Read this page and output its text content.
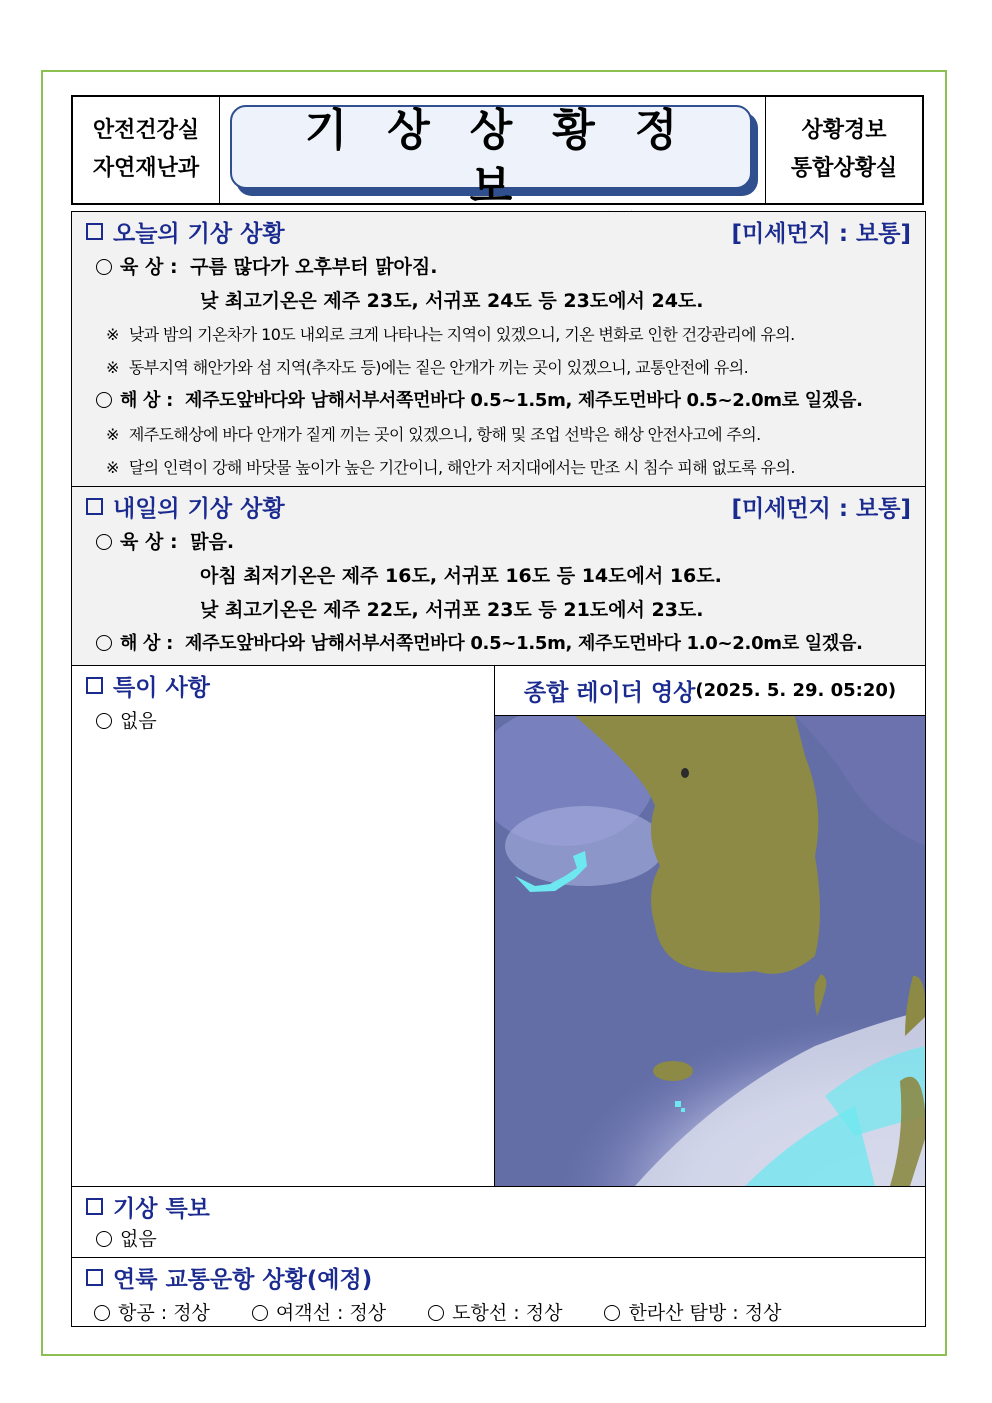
안전건강실
자연재난과
기상상황정보
상황경보
통합상황실
오늘의 기상 상황	[미세먼지 : 보통]
육 상 : 구름 많다가 오후부터 맑아짐.
낮 최고기온은 제주 23도, 서귀포 24도 등 23도에서 24도.
※ 낮과 밤의 기온차가 10도 내외로 크게 나타나는 지역이 있겠으니, 기온 변화로 인한 건강관리에 유의.
※ 동부지역 해안가와 섬 지역(추자도 등)에는 짙은 안개가 끼는 곳이 있겠으니, 교통안전에 유의.
해 상 : 제주도앞바다와 남해서부서쪽먼바다 0.5~1.5m, 제주도먼바다 0.5~2.0m로 일겠음.
※ 제주도해상에 바다 안개가 짙게 끼는 곳이 있겠으니, 항해 및 조업 선박은 해상 안전사고에 주의.
※ 달의 인력이 강해 바닷물 높이가 높은 기간이니, 해안가 저지대에서는 만조 시 침수 피해 없도록 유의.
내일의 기상 상황	[미세먼지 : 보통]
육 상 : 맑음.
아침 최저기온은 제주 16도, 서귀포 16도 등 14도에서 16도.
낮 최고기온은 제주 22도, 서귀포 23도 등 21도에서 23도.
해 상 : 제주도앞바다와 남해서부서쪽먼바다 0.5~1.5m, 제주도먼바다 1.0~2.0m로 일겠음.
특이 사항
없음
종합 레이더 영상 (2025. 5. 29. 05:20)
기상 특보
없음
연륙 교통운항 상황(예정)
항공 : 정상	여객선 : 정상	도항선 : 정상	한라산 탐방 : 정상
